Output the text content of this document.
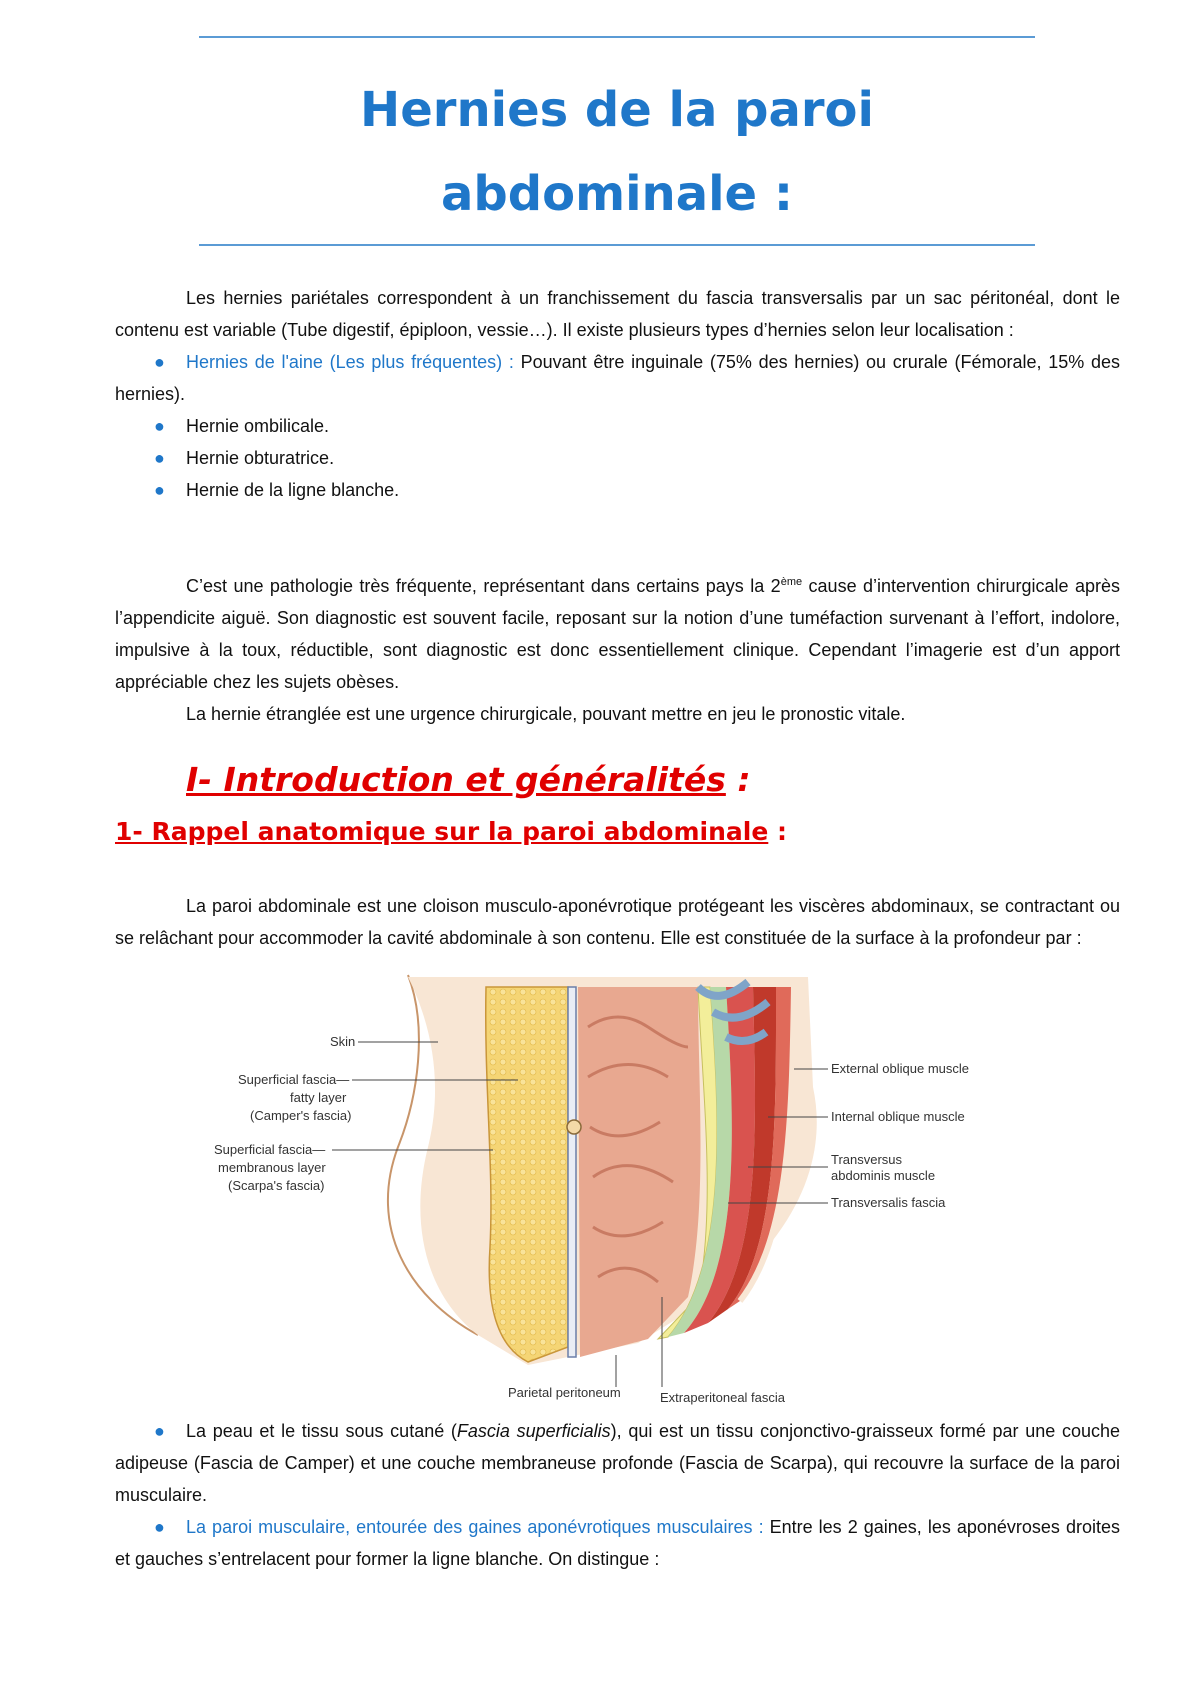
Hernies de la paroi
abdominale :

Les hernies pariétales correspondent à un franchissement du fascia transversalis par un sac péritonéal, dont le contenu est variable (Tube digestif, épiploon, vessie…). Il existe plusieurs types d’hernies selon leur localisation :

● Hernies de l'aine (Les plus fréquentes) : Pouvant être inguinale (75% des hernies) ou crurale (Fémorale, 15% des hernies).
● Hernie ombilicale.
● Hernie obturatrice.
● Hernie de la ligne blanche.

C’est une pathologie très fréquente, représentant dans certains pays la 2ème cause d’intervention chirurgicale après l’appendicite aiguë. Son diagnostic est souvent facile, reposant sur la notion d’une tuméfaction survenant à l’effort, indolore, impulsive à la toux, réductible, sont diagnostic est donc essentiellement clinique. Cependant l’imagerie est d’un apport appréciable chez les sujets obèses.

La hernie étranglée est une urgence chirurgicale, pouvant mettre en jeu le pronostic vitale.

I- Introduction et généralités :
1- Rappel anatomique sur la paroi abdominale :

La paroi abdominale est une cloison musculo-aponévrotique protégeant les viscères abdominaux, se contractant ou se relâchant pour accommoder la cavité abdominale à son contenu. Elle est constituée de la surface à la profondeur par :

Skin
Superficial fascia—
fatty layer
(Camper's fascia)
Superficial fascia—
membranous layer
(Scarpa's fascia)
External oblique muscle
Internal oblique muscle
Transversus
abdominis muscle
Transversalis fascia
Parietal peritoneum	Extraperitoneal fascia
● La peau et le tissu sous cutané (Fascia superficialis), qui est un tissu conjonctivo-graisseux formé par une couche adipeuse (Fascia de Camper) et une couche membraneuse profonde (Fascia de Scarpa), qui recouvre la surface de la paroi musculaire.
● La paroi musculaire, entourée des gaines aponévrotiques musculaires : Entre les 2 gaines, les aponévroses droites et gauches s’entrelacent pour former la ligne blanche. On distingue :
